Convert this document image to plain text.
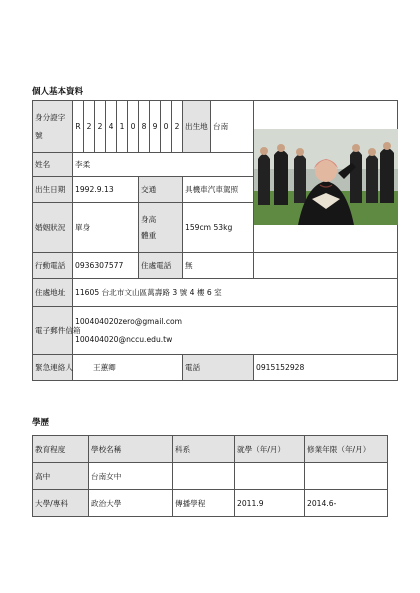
個人基本資料
身分證字號	R	2	2	4	1	0	8	9	0	2	出生地	台南	

姓名	李柔												
出生日期	1992.9.13						交通				具機車汽車駕照		
婚姻狀況	單身						身高
體重				159cm 53kg		
行動電話	0936307577						住處電話				無		
住處地址	11605 台北市文山區萬壽路 3 號 4 樓 6 室												
電子郵件信箱	100404020zero@gmail.com
100404020@nccu.edu.tw												

緊急連絡人	王蕙卿										電話		0915152928
學歷
教育程度	學校名稱	科系	就學（年/月）	修業年限（年/月）
高中	台南女中			
大學/專科	政治大學	傳播學程	2011.9	2014.6-
